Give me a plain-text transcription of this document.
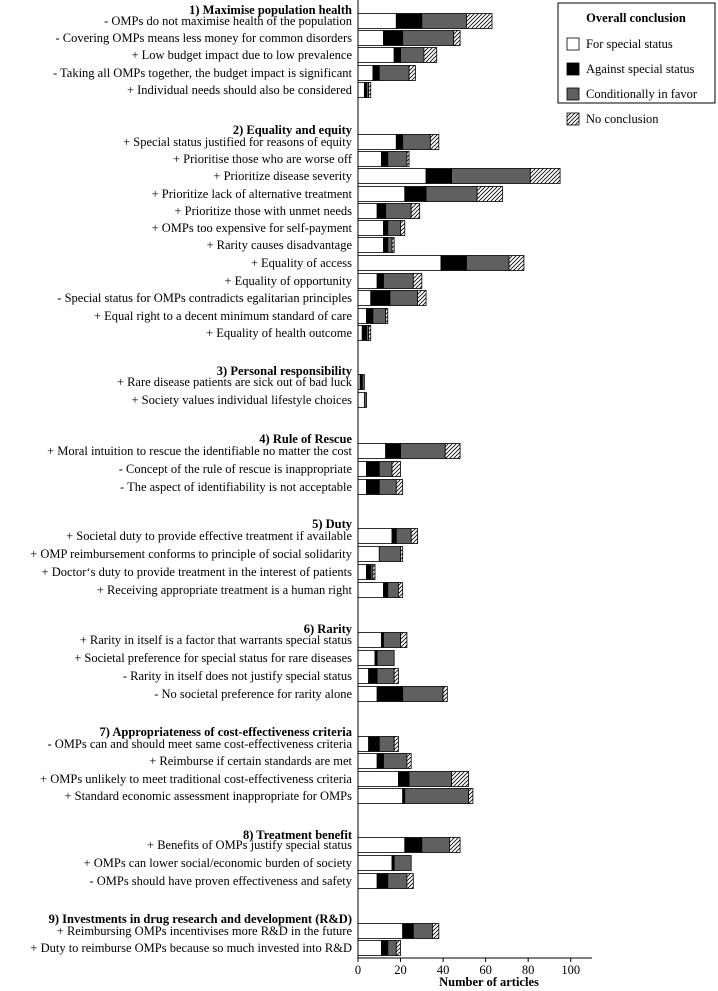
1) Maximise population health
- OMPs do not maximise health of the population
- Covering OMPs means less money for common disorders
+ Low budget impact due to low prevalence
- Taking all OMPs together, the budget impact is significant
+ Individual needs should also be considered
2) Equality and equity
+ Special status justified for reasons of equity
+ Prioritise those who are worse off
+ Prioritize disease severity
+ Prioritize lack of alternative treatment
+ Prioritize those with unmet needs
+ OMPs too expensive for self-payment
+ Rarity causes disadvantage
+ Equality of access
+ Equality of opportunity
- Special status for OMPs contradicts egalitarian principles
+ Equal right to a decent minimum standard of care
+ Equality of health outcome
3) Personal responsibility
+ Rare disease patients are sick out of bad luck
+ Society values individual lifestyle choices
4) Rule of Rescue
+ Moral intuition to rescue the identifiable no matter the cost
- Concept of the rule of rescue is inappropriate
- The aspect of identifiability is not acceptable
5) Duty
+ Societal duty to provide effective treatment if available
+ OMP reimbursement conforms to principle of social solidarity
+ Doctor‘s duty to provide treatment in the interest of patients
+ Receiving appropriate treatment is a human right
6) Rarity
+ Rarity in itself is a factor that warrants special status
+ Societal preference for special status for rare diseases
- Rarity in itself does not justify special status
- No societal preference for rarity alone
7) Appropriateness of cost-effectiveness criteria
- OMPs can and should meet same cost-effectiveness criteria
+ Reimburse if certain standards are met
+ OMPs unlikely to meet traditional cost-effectiveness criteria
+ Standard economic assessment inappropriate for OMPs
8) Treatment benefit
+ Benefits of OMPs justify special status
+ OMPs can lower social/economic burden of society
- OMPs should have proven effectiveness and safety
9) Investments in drug research and development (R&D)
+ Reimbursing OMPs incentivises more R&D in the future
+ Duty to reimburse OMPs because so much invested into R&D
0	20 40 60 80 100
Number of articles
Overall conclusion
For special status
Against special status
Conditionally in favor
No conclusion
